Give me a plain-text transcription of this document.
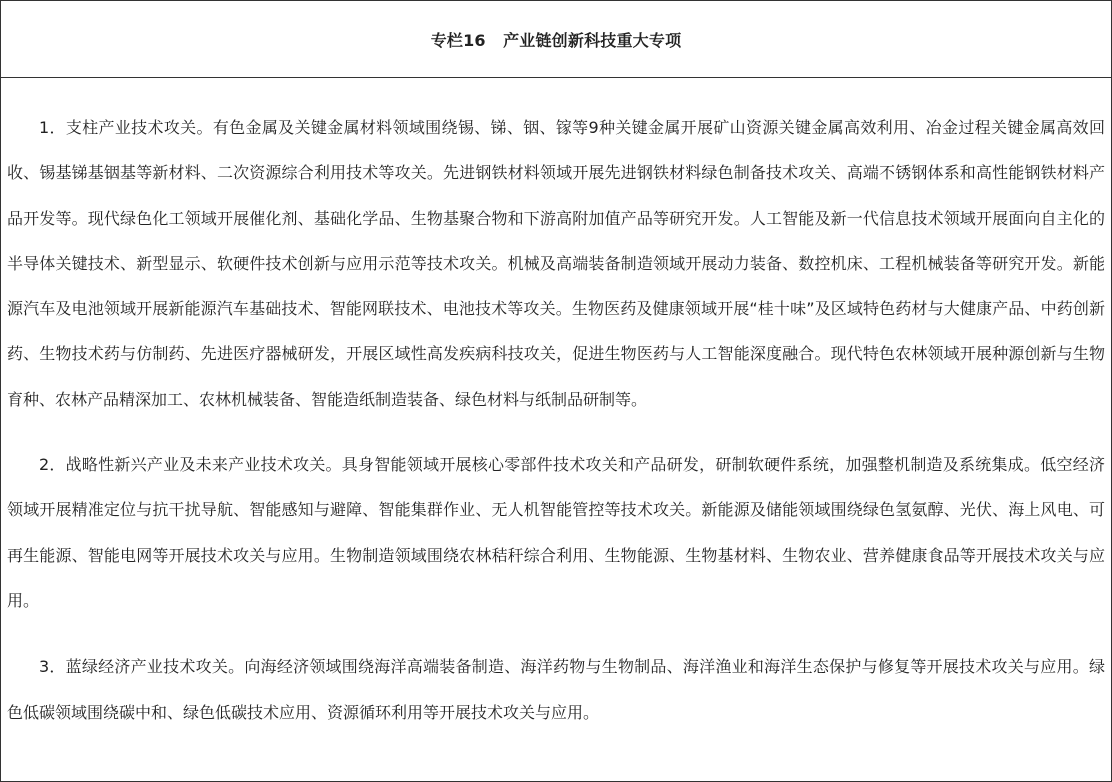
专栏16   产业链创新科技重大专项

1．支柱产业技术攻关。有色金属及关键金属材料领域围绕锡、锑、铟、镓等9种关键金属开展矿山资源关键金属高效利用、冶金过程关键金属高效回收、锡基锑基铟基等新材料、二次资源综合利用技术等攻关。先进钢铁材料领域开展先进钢铁材料绿色制备技术攻关、高端不锈钢体系和高性能钢铁材料产品开发等。现代绿色化工领域开展催化剂、基础化学品、生物基聚合物和下游高附加值产品等研究开发。人工智能及新一代信息技术领域开展面向自主化的半导体关键技术、新型显示、软硬件技术创新与应用示范等技术攻关。机械及高端装备制造领域开展动力装备、数控机床、工程机械装备等研究开发。新能源汽车及电池领域开展新能源汽车基础技术、智能网联技术、电池技术等攻关。生物医药及健康领域开展“桂十味”及区域特色药材与大健康产品、中药创新药、生物技术药与仿制药、先进医疗器械研发，开展区域性高发疾病科技攻关，促进生物医药与人工智能深度融合。现代特色农林领域开展种源创新与生物育种、农林产品精深加工、农林机械装备、智能造纸制造装备、绿色材料与纸制品研制等。

2．战略性新兴产业及未来产业技术攻关。具身智能领域开展核心零部件技术攻关和产品研发，研制软硬件系统，加强整机制造及系统集成。低空经济领域开展精准定位与抗干扰导航、智能感知与避障、智能集群作业、无人机智能管控等技术攻关。新能源及储能领域围绕绿色氢氨醇、光伏、海上风电、可再生能源、智能电网等开展技术攻关与应用。生物制造领域围绕农林秸秆综合利用、生物能源、生物基材料、生物农业、营养健康食品等开展技术攻关与应用。

3．蓝绿经济产业技术攻关。向海经济领域围绕海洋高端装备制造、海洋药物与生物制品、海洋渔业和海洋生态保护与修复等开展技术攻关与应用。绿色低碳领域围绕碳中和、绿色低碳技术应用、资源循环利用等开展技术攻关与应用。
